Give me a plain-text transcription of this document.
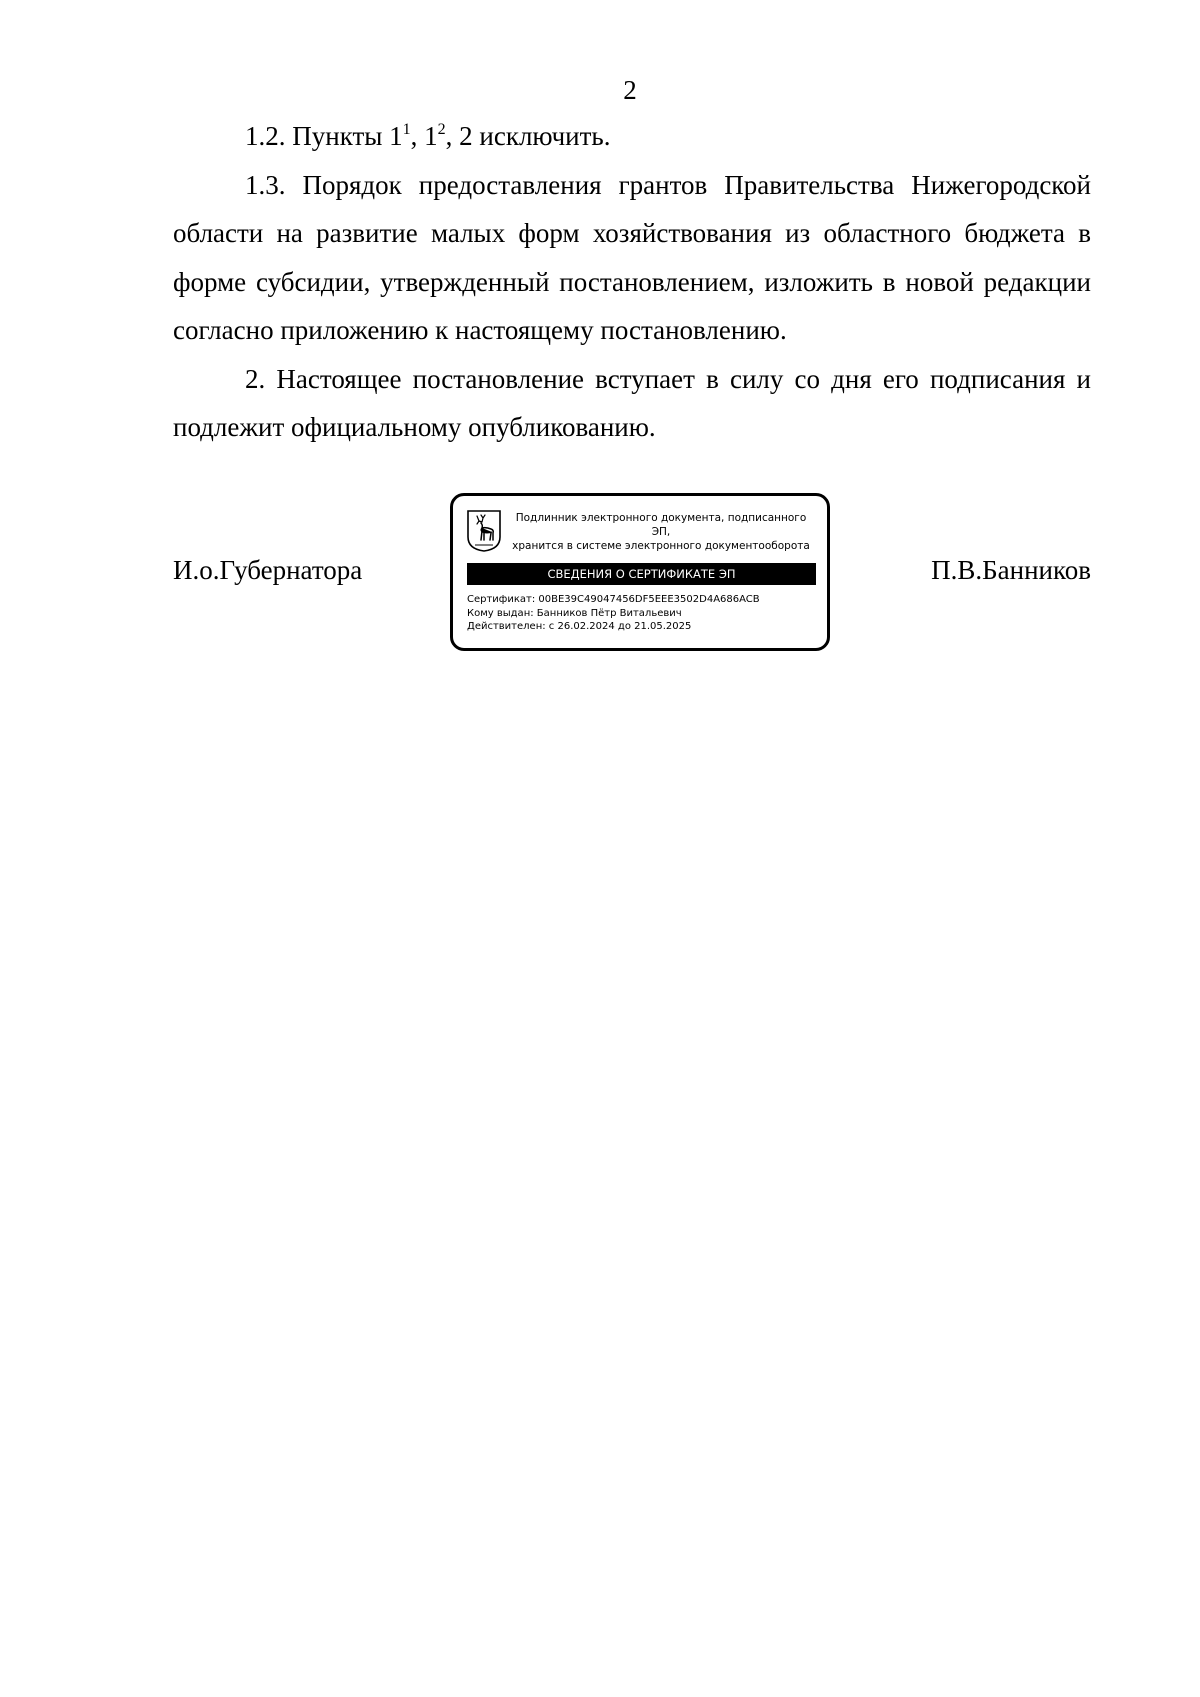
2

1.2. Пункты $1^1$, $1^2$, 2 исключить.

1.3. Порядок предоставления грантов Правительства Нижегородской области на развитие малых форм хозяйствования из областного бюджета в форме субсидии, утвержденный постановлением, изложить в новой редакции согласно приложению к настоящему постановлению.

2. Настоящее постановление вступает в силу со дня его подписания и подлежит официальному опубликованию.

И.о.Губернатора
Подлинник электронного документа, подписанного ЭП,
хранится в системе электронного документооборота
СВЕДЕНИЯ О СЕРТИФИКАТЕ ЭП
Сертификат: 00BE39C49047456DF5EEE3502D4A686ACB
Кому выдан: Банников Пётр Витальевич
Действителен: с 26.02.2024 до 21.05.2025
П.В.Банников
